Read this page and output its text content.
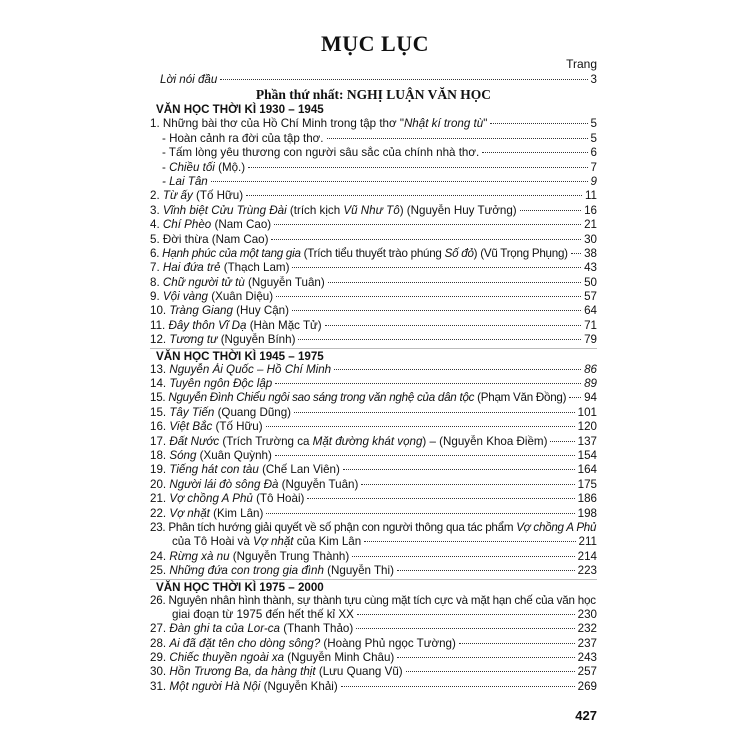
MỤC LỤC
Trang
Lời nói đầu	3
Phần thứ nhất: NGHỊ LUẬN VĂN HỌC
VĂN HỌC THỜI KÌ 1930 – 1945
1. Những bài thơ của Hồ Chí Minh trong tập thơ "Nhật kí trong tù"	5
- Hoàn cảnh ra đời của tập thơ.	5
- Tấm lòng yêu thương con người sâu sắc của chính nhà thơ.	6
- Chiều tối (Mộ.)	7
- Lai Tân	9
2. Từ ấy (Tố Hữu)	11
3. Vĩnh biệt Cửu Trùng Đài (trích kịch Vũ Như Tô) (Nguyễn Huy Tưởng)	16
4. Chí Phèo (Nam Cao)	21
5. Đời thừa (Nam Cao)	30
6. Hạnh phúc của một tang gia (Trích tiểu thuyết trào phúng Số đỏ) (Vũ Trọng Phụng) 38
7. Hai đứa trẻ (Thạch Lam)	43
8. Chữ người tử tù (Nguyễn Tuân)	50
9. Vội vàng (Xuân Diệu)	57
10. Tràng Giang (Huy Cận)	64
11. Đây thôn Vĩ Dạ (Hàn Mặc Tử)	71
12. Tương tư (Nguyễn Bính)	79
VĂN HỌC THỜI KÌ 1945 – 1975
13. Nguyễn Ái Quốc – Hồ Chí Minh	86
14. Tuyên ngôn Độc lập	89
15. Nguyễn Đình Chiểu ngôi sao sáng trong văn nghệ của dân tộc (Phạm Văn Đồng) 94
15. Tây Tiến (Quang Dũng)	101
16. Việt Bắc (Tố Hữu)	120
17. Đất Nước (Trích Trường ca Mặt đường khát vọng) – (Nguyễn Khoa Điềm)	137
18. Sóng (Xuân Quỳnh)	154
19. Tiếng hát con tàu (Chế Lan Viên)	164
20. Người lái đò sông Đà (Nguyễn Tuân)	175
21. Vợ chồng A Phủ (Tô Hoài)	186
22. Vợ nhặt (Kim Lân)	198
23. Phân tích hướng giải quyết về số phận con người thông qua tác phẩm Vợ chồng A Phủ
của Tô Hoài và Vợ nhặt của Kim Lân	211
24. Rừng xà nu (Nguyễn Trung Thành)	214
25. Những đứa con trong gia đình (Nguyễn Thi)	223
VĂN HỌC THỜI KÌ 1975 – 2000
26. Nguyên nhân hình thành, sự thành tựu cùng mặt tích cực và mặt hạn chế của văn học
giai đoạn từ 1975 đến hết thế kỉ XX	230
27. Đàn ghi ta của Lor-ca (Thanh Thảo)	232
28. Ai đã đặt tên cho dòng sông? (Hoàng Phủ ngọc Tường)	237
29. Chiếc thuyền ngoài xa (Nguyễn Minh Châu)	243
30. Hồn Trương Ba, da hàng thịt (Lưu Quang Vũ)	257
31. Một người Hà Nội (Nguyễn Khải)	269
427
